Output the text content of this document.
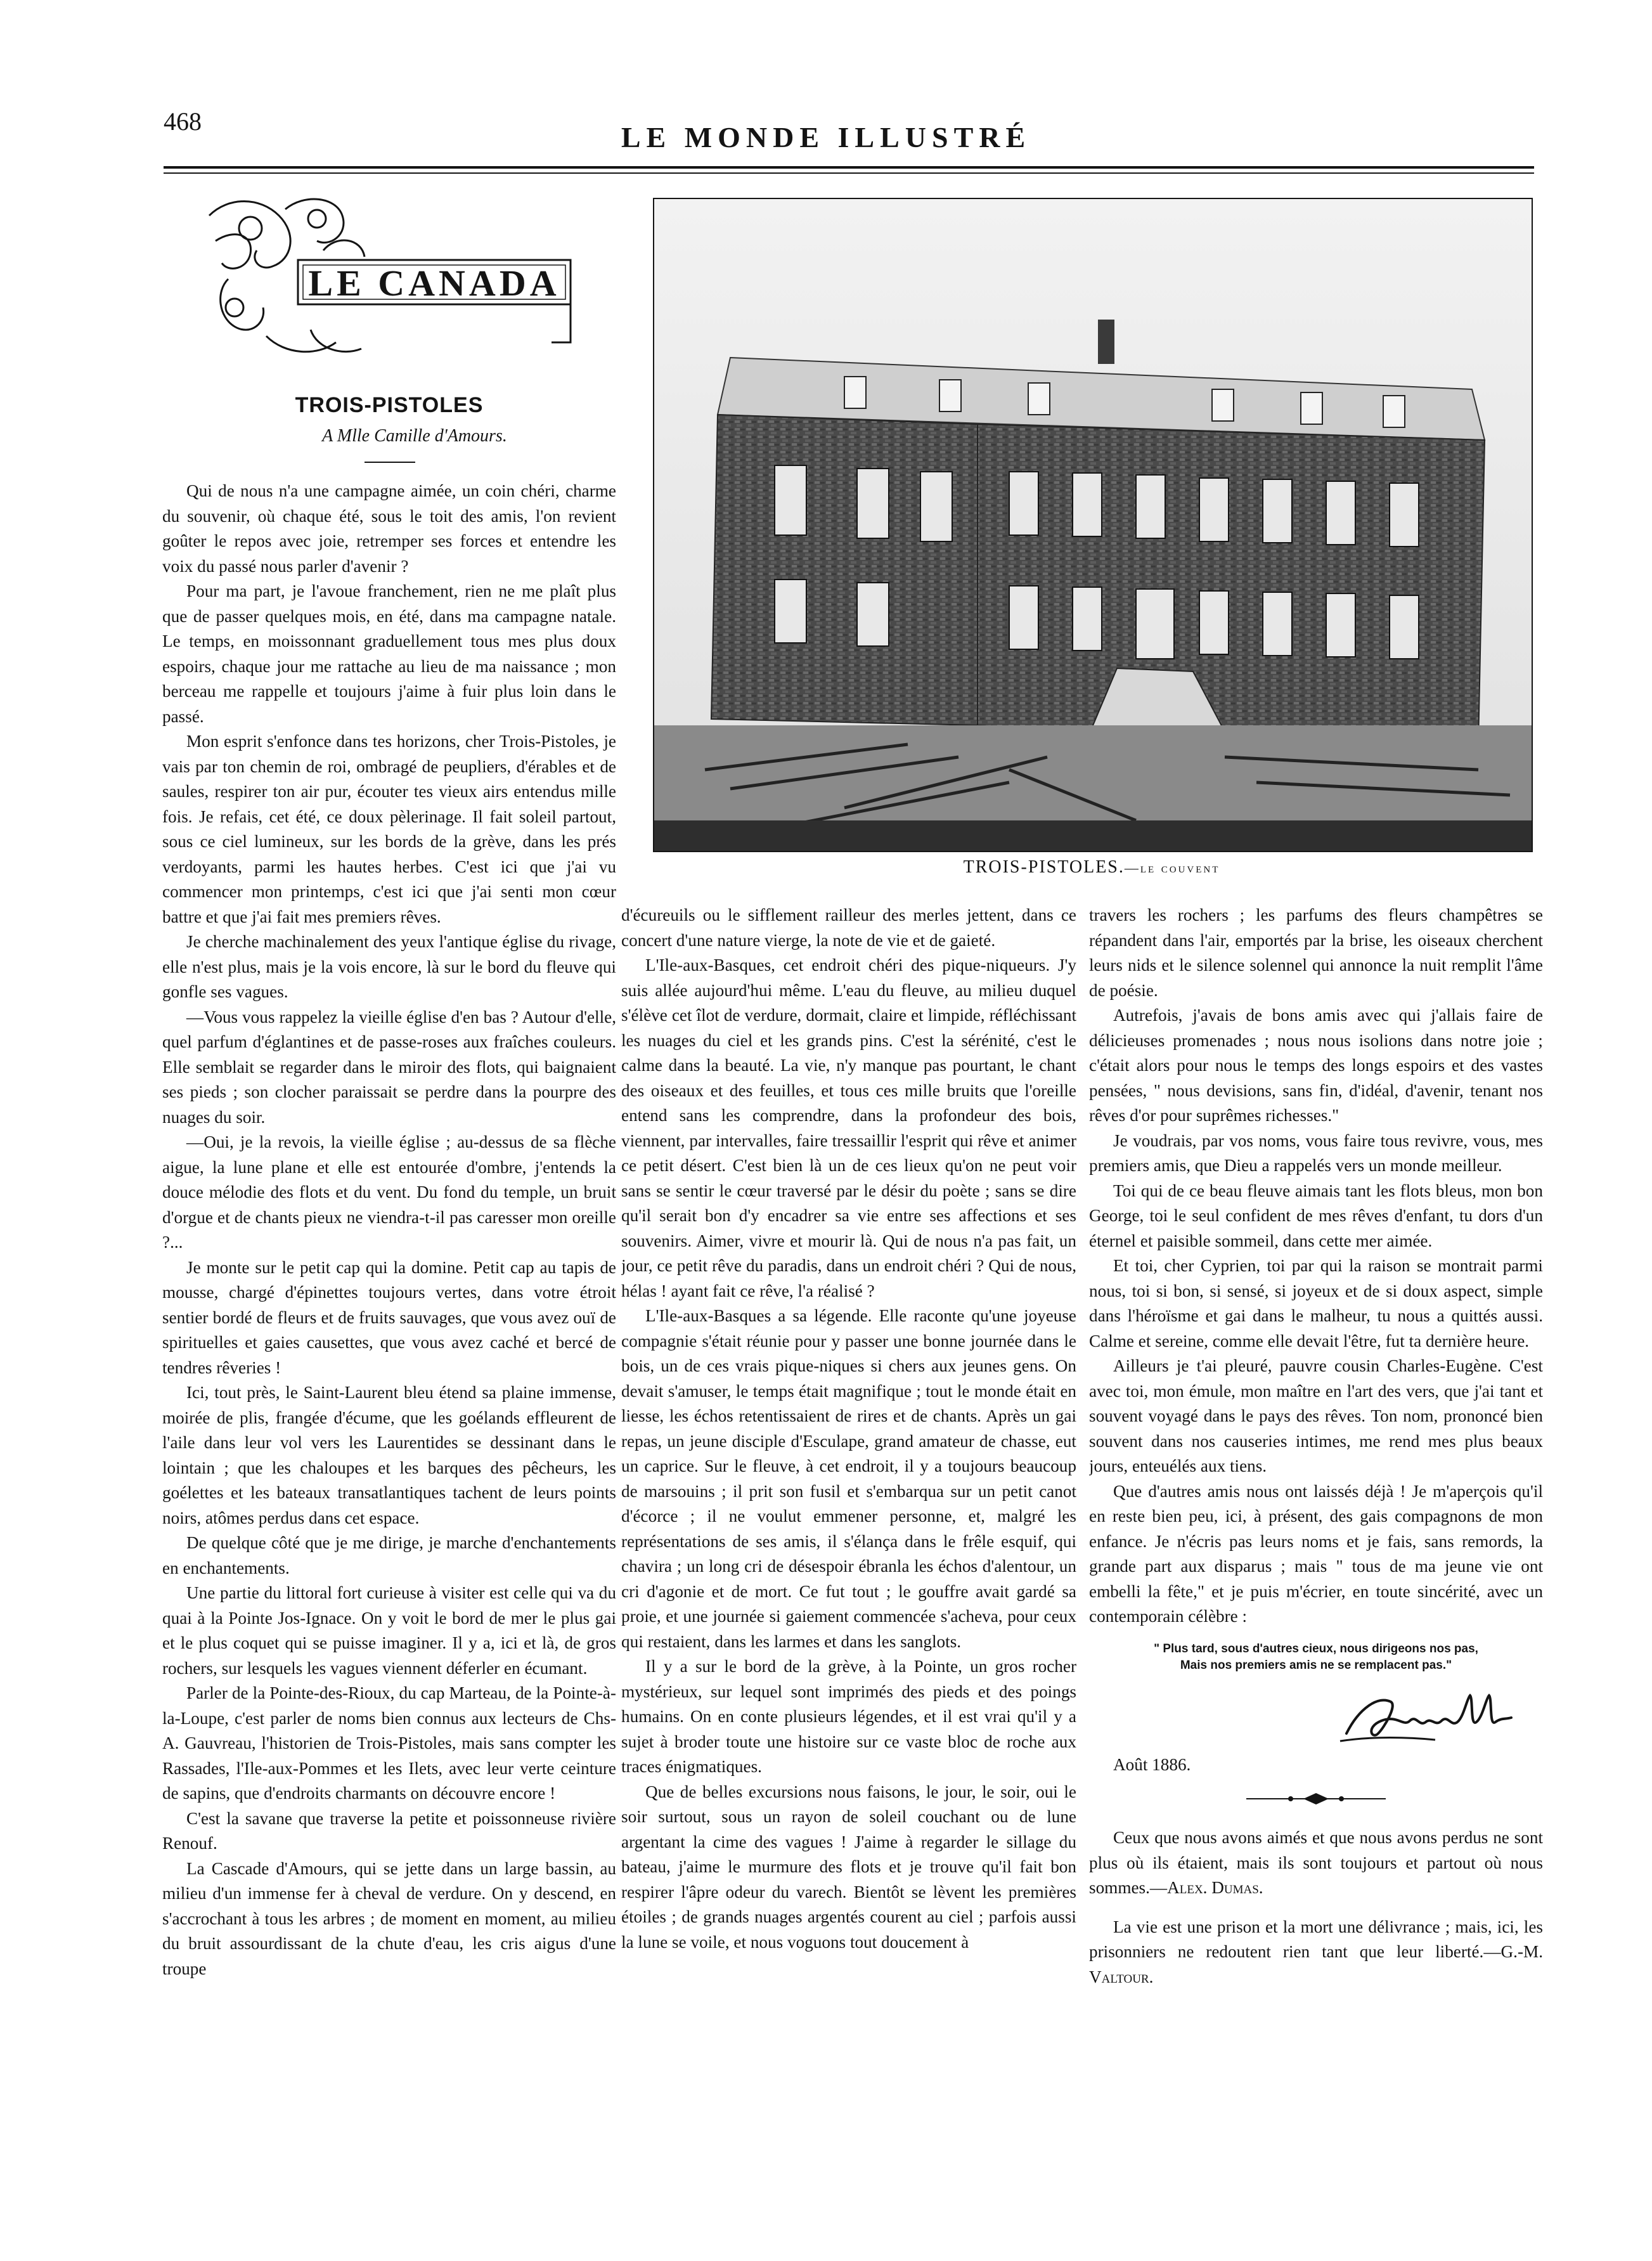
468	LE MONDE ILLUSTRÉ
LE CANADA
TROIS-PISTOLES
A Mlle Camille d'Amours.

Qui de nous n'a une campagne aimée, un coin chéri, charme du souvenir, où chaque été, sous le toit des amis, l'on revient goûter le repos avec joie, retremper ses forces et entendre les voix du passé nous parler d'avenir ?

Pour ma part, je l'avoue franchement, rien ne me plaît plus que de passer quelques mois, en été, dans ma campagne natale. Le temps, en moissonnant graduellement tous mes plus doux espoirs, chaque jour me rattache au lieu de ma naissance ; mon berceau me rappelle et toujours j'aime à fuir plus loin dans le passé.

Mon esprit s'enfonce dans tes horizons, cher Trois-Pistoles, je vais par ton chemin de roi, ombragé de peupliers, d'érables et de saules, respirer ton air pur, écouter tes vieux airs entendus mille fois. Je refais, cet été, ce doux pèlerinage. Il fait soleil partout, sous ce ciel lumineux, sur les bords de la grève, dans les prés verdoyants, parmi les hautes herbes. C'est ici que j'ai vu commencer mon printemps, c'est ici que j'ai senti mon cœur battre et que j'ai fait mes premiers rêves.

Je cherche machinalement des yeux l'antique église du rivage, elle n'est plus, mais je la vois encore, là sur le bord du fleuve qui gonfle ses vagues.

—Vous vous rappelez la vieille église d'en bas ? Autour d'elle, quel parfum d'églantines et de passe-roses aux fraîches couleurs. Elle semblait se regarder dans le miroir des flots, qui baignaient ses pieds ; son clocher paraissait se perdre dans la pourpre des nuages du soir.

—Oui, je la revois, la vieille église ; au-dessus de sa flèche aigue, la lune plane et elle est entourée d'ombre, j'entends la douce mélodie des flots et du vent. Du fond du temple, un bruit d'orgue et de chants pieux ne viendra-t-il pas caresser mon oreille ?...

Je monte sur le petit cap qui la domine. Petit cap au tapis de mousse, chargé d'épinettes toujours vertes, dans votre étroit sentier bordé de fleurs et de fruits sauvages, que vous avez ouï de spirituelles et gaies causettes, que vous avez caché et bercé de tendres rêveries !

Ici, tout près, le Saint-Laurent bleu étend sa plaine immense, moirée de plis, frangée d'écume, que les goélands effleurent de l'aile dans leur vol vers les Laurentides se dessinant dans le lointain ; que les chaloupes et les barques des pêcheurs, les goélettes et les bateaux transatlantiques tachent de leurs points noirs, atômes perdus dans cet espace.

De quelque côté que je me dirige, je marche d'enchantements en enchantements.

Une partie du littoral fort curieuse à visiter est celle qui va du quai à la Pointe Jos-Ignace. On y voit le bord de mer le plus gai et le plus coquet qui se puisse imaginer. Il y a, ici et là, de gros rochers, sur lesquels les vagues viennent déferler en écumant.

Parler de la Pointe-des-Rioux, du cap Marteau, de la Pointe-à-la-Loupe, c'est parler de noms bien connus aux lecteurs de Chs-A. Gauvreau, l'historien de Trois-Pistoles, mais sans compter les Rassades, l'Ile-aux-Pommes et les Ilets, avec leur verte ceinture de sapins, que d'endroits charmants on découvre encore !

C'est la savane que traverse la petite et poissonneuse rivière Renouf.

La Cascade d'Amours, qui se jette dans un large bassin, au milieu d'un immense fer à cheval de verdure. On y descend, en s'accrochant à tous les arbres ; de moment en moment, au milieu du bruit assourdissant de la chute d'eau, les cris aigus d'une troupe

TROIS-PISTOLES.—le couvent

d'écureuils ou le sifflement railleur des merles jettent, dans ce concert d'une nature vierge, la note de vie et de gaieté.

L'Ile-aux-Basques, cet endroit chéri des pique-niqueurs. J'y suis allée aujourd'hui même. L'eau du fleuve, au milieu duquel s'élève cet îlot de verdure, dormait, claire et limpide, réfléchissant les nuages du ciel et les grands pins. C'est la sérénité, c'est le calme dans la beauté. La vie, n'y manque pas pourtant, le chant des oiseaux et des feuilles, et tous ces mille bruits que l'oreille entend sans les comprendre, dans la profondeur des bois, viennent, par intervalles, faire tressaillir l'esprit qui rêve et animer ce petit désert. C'est bien là un de ces lieux qu'on ne peut voir sans se sentir le cœur traversé par le désir du poète ; sans se dire qu'il serait bon d'y encadrer sa vie entre ses affections et ses souvenirs. Aimer, vivre et mourir là. Qui de nous n'a pas fait, un jour, ce petit rêve du paradis, dans un endroit chéri ? Qui de nous, hélas ! ayant fait ce rêve, l'a réalisé ?

L'Ile-aux-Basques a sa légende. Elle raconte qu'une joyeuse compagnie s'était réunie pour y passer une bonne journée dans le bois, un de ces vrais pique-niques si chers aux jeunes gens. On devait s'amuser, le temps était magnifique ; tout le monde était en liesse, les échos retentissaient de rires et de chants. Après un gai repas, un jeune disciple d'Esculape, grand amateur de chasse, eut un caprice. Sur le fleuve, à cet endroit, il y a toujours beaucoup de marsouins ; il prit son fusil et s'embarqua sur un petit canot d'écorce ; il ne voulut emmener personne, et, malgré les représentations de ses amis, il s'élança dans le frêle esquif, qui chavira ; un long cri de désespoir ébranla les échos d'alentour, un cri d'agonie et de mort. Ce fut tout ; le gouffre avait gardé sa proie, et une journée si gaiement commencée s'acheva, pour ceux qui restaient, dans les larmes et dans les sanglots.

Il y a sur le bord de la grève, à la Pointe, un gros rocher mystérieux, sur lequel sont imprimés des pieds et des poings humains. On en conte plusieurs légendes, et il est vrai qu'il y a sujet à broder toute une histoire sur ce vaste bloc de roche aux traces énigmatiques.

Que de belles excursions nous faisons, le jour, le soir, oui le soir surtout, sous un rayon de soleil couchant ou de lune argentant la cime des vagues ! J'aime à regarder le sillage du bateau, j'aime le murmure des flots et je trouve qu'il fait bon respirer l'âpre odeur du varech. Bientôt se lèvent les premières étoiles ; de grands nuages argentés courent au ciel ; parfois aussi la lune se voile, et nous voguons tout doucement à

travers les rochers ; les parfums des fleurs champêtres se répandent dans l'air, emportés par la brise, les oiseaux cherchent leurs nids et le silence solennel qui annonce la nuit remplit l'âme de poésie.

Autrefois, j'avais de bons amis avec qui j'allais faire de délicieuses promenades ; nous nous isolions dans notre joie ; c'était alors pour nous le temps des longs espoirs et des vastes pensées, " nous devisions, sans fin, d'idéal, d'avenir, tenant nos rêves d'or pour suprêmes richesses."

Je voudrais, par vos noms, vous faire tous revivre, vous, mes premiers amis, que Dieu a rappelés vers un monde meilleur.

Toi qui de ce beau fleuve aimais tant les flots bleus, mon bon George, toi le seul confident de mes rêves d'enfant, tu dors d'un éternel et paisible sommeil, dans cette mer aimée.

Et toi, cher Cyprien, toi par qui la raison se montrait parmi nous, toi si bon, si sensé, si joyeux et de si doux aspect, simple dans l'héroïsme et gai dans le malheur, tu nous a quittés aussi. Calme et sereine, comme elle devait l'être, fut ta dernière heure.

Ailleurs je t'ai pleuré, pauvre cousin Charles-Eugène. C'est avec toi, mon émule, mon maître en l'art des vers, que j'ai tant et souvent voyagé dans le pays des rêves. Ton nom, prononcé bien souvent dans nos causeries intimes, me rend mes plus beaux jours, enteuélés aux tiens.

Que d'autres amis nous ont laissés déjà ! Je m'aperçois qu'il en reste bien peu, ici, à présent, des gais compagnons de mon enfance. Je n'écris pas leurs noms et je fais, sans remords, la grande part aux disparus ; mais " tous de ma jeune vie ont embelli la fête," et je puis m'écrier, en toute sincérité, avec un contemporain célèbre :

" Plus tard, sous d'autres cieux, nous dirigeons nos pas,
Mais nos premiers amis ne se remplacent pas."

Août 1886.

Ceux que nous avons aimés et que nous avons perdus ne sont plus où ils étaient, mais ils sont toujours et partout où nous sommes.—Alex. Dumas.

La vie est une prison et la mort une délivrance ; mais, ici, les prisonniers ne redoutent rien tant que leur liberté.—G.-M. Valtour.
